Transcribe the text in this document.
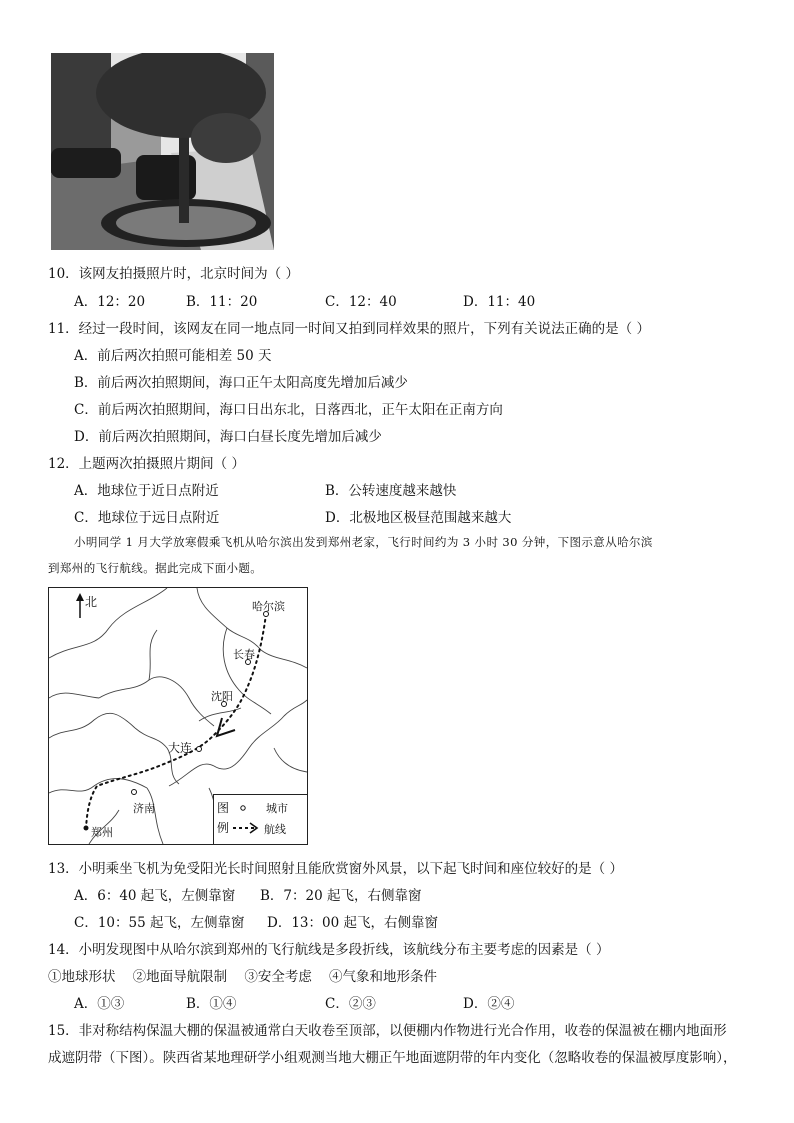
10．该网友拍摄照片时，北京时间为（ ）
A．12：20	B．11：20	C．12：40	D．11：40
11．经过一段时间，该网友在同一地点同一时间又拍到同样效果的照片，下列有关说法正确的是（ ）
A．前后两次拍照可能相差 50 天
B．前后两次拍照期间，海口正午太阳高度先增加后减少
C．前后两次拍照期间，海口日出东北，日落西北，正午太阳在正南方向
D．前后两次拍照期间，海口白昼长度先增加后减少
12．上题两次拍摄照片期间（ ）
A．地球位于近日点附近	B．公转速度越来越快
C．地球位于远日点附近	D．北极地区极昼范围越来越大
小明同学 1 月大学放寒假乘飞机从哈尔滨出发到郑州老家，飞行时间约为 3 小时 30 分钟，下图示意从哈尔滨
到郑州的飞行航线。据此完成下面小题。
北	哈尔滨
长春
沈阳
大连
济南
郑州
图
例
城市
航线
13．小明乘坐飞机为免受阳光长时间照射且能欣赏窗外风景，以下起飞时间和座位较好的是（ ）
A．6：40 起飞，左侧靠窗 B．7：20 起飞，右侧靠窗
C．10：55 起飞，左侧靠窗 D．13：00 起飞，右侧靠窗
14．小明发现图中从哈尔滨到郑州的飞行航线是多段折线，该航线分布主要考虑的因素是（ ）
①地球形状    ②地面导航限制    ③安全考虑    ④气象和地形条件
A．①③	B．①④	C．②③	D．②④
15．非对称结构保温大棚的保温被通常白天收卷至顶部，以便棚内作物进行光合作用，收卷的保温被在棚内地面形
成遮阴带（下图）。陕西省某地理研学小组观测当地大棚正午地面遮阴带的年内变化（忽略收卷的保温被厚度影响），
